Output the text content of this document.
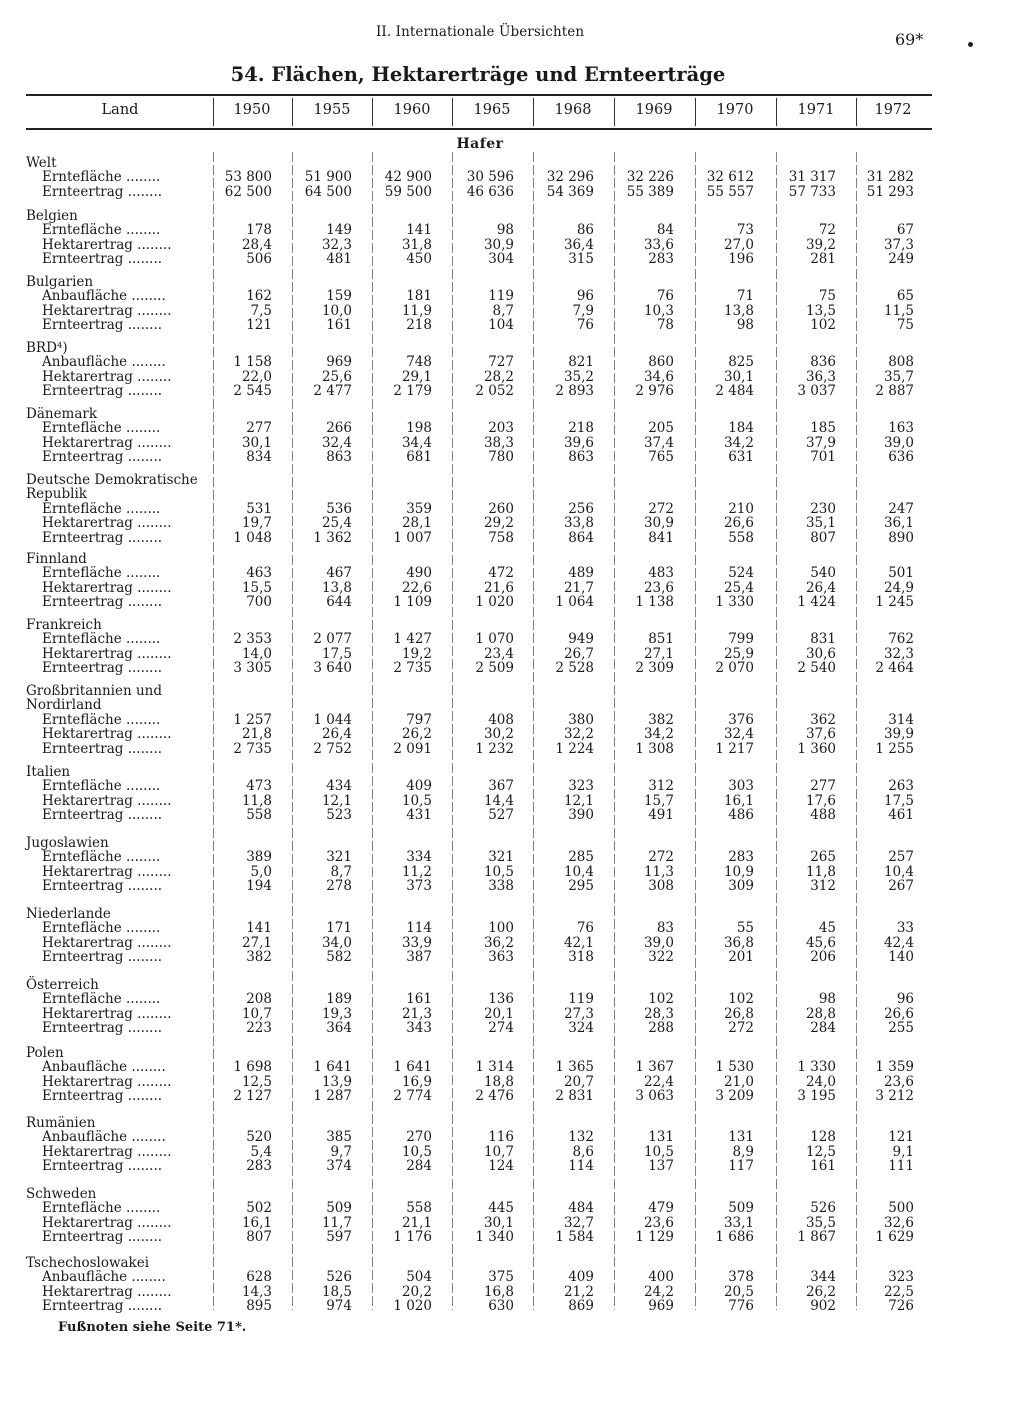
II. Internationale Übersichten	69*
54. Flächen, Hektarerträge und Ernteerträge
Land	1950	1955	1960	1965	1968	1969	1970	1971	1972
Hafer
Welt
Erntefläche ........	53 800	51 900	42 900	30 596	32 296	32 226	32 612	31 317	31 282
Ernteertrag ........	62 500	64 500	59 500	46 636	54 369	55 389	55 557	57 733	51 293
Belgien
Erntefläche ........	178	149	141	98	86	84	73	72	67
Hektarertrag ........	28,4	32,3	31,8	30,9	36,4	33,6	27,0	39,2	37,3
Ernteertrag ........	506	481	450	304	315	283	196	281	249
Bulgarien
Anbaufläche ........	162	159	181	119	96	76	71	75	65
Hektarertrag ........	7,5	10,0	11,9	8,7	7,9	10,3	13,8	13,5	11,5
Ernteertrag ........	121	161	218	104	76	78	98	102	75
BRD⁴)
Anbaufläche ........	1 158	969	748	727	821	860	825	836	808
Hektarertrag ........	22,0	25,6	29,1	28,2	35,2	34,6	30,1	36,3	35,7
Ernteertrag ........	2 545	2 477	2 179	2 052	2 893	2 976	2 484	3 037	2 887
Dänemark
Erntefläche ........	277	266	198	203	218	205	184	185	163
Hektarertrag ........	30,1	32,4	34,4	38,3	39,6	37,4	34,2	37,9	39,0
Ernteertrag ........	834	863	681	780	863	765	631	701	636
Deutsche Demokratische
Republik
Erntefläche ........	531	536	359	260	256	272	210	230	247
Hektarertrag ........	19,7	25,4	28,1	29,2	33,8	30,9	26,6	35,1	36,1
Ernteertrag ........	1 048	1 362	1 007	758	864	841	558	807	890
Finnland
Erntefläche ........	463	467	490	472	489	483	524	540	501
Hektarertrag ........	15,5	13,8	22,6	21,6	21,7	23,6	25,4	26,4	24,9
Ernteertrag ........	700	644	1 109	1 020	1 064	1 138	1 330	1 424	1 245
Frankreich
Erntefläche ........	2 353	2 077	1 427	1 070	949	851	799	831	762
Hektarertrag ........	14,0	17,5	19,2	23,4	26,7	27,1	25,9	30,6	32,3
Ernteertrag ........	3 305	3 640	2 735	2 509	2 528	2 309	2 070	2 540	2 464
Großbritannien und
Nordirland
Erntefläche ........	1 257	1 044	797	408	380	382	376	362	314
Hektarertrag ........	21,8	26,4	26,2	30,2	32,2	34,2	32,4	37,6	39,9
Ernteertrag ........	2 735	2 752	2 091	1 232	1 224	1 308	1 217	1 360	1 255
Italien
Erntefläche ........	473	434	409	367	323	312	303	277	263
Hektarertrag ........	11,8	12,1	10,5	14,4	12,1	15,7	16,1	17,6	17,5
Ernteertrag ........	558	523	431	527	390	491	486	488	461
Jugoslawien
Erntefläche ........	389	321	334	321	285	272	283	265	257
Hektarertrag ........	5,0	8,7	11,2	10,5	10,4	11,3	10,9	11,8	10,4
Ernteertrag ........	194	278	373	338	295	308	309	312	267
Niederlande
Erntefläche ........	141	171	114	100	76	83	55	45	33
Hektarertrag ........	27,1	34,0	33,9	36,2	42,1	39,0	36,8	45,6	42,4
Ernteertrag ........	382	582	387	363	318	322	201	206	140
Österreich
Erntefläche ........	208	189	161	136	119	102	102	98	96
Hektarertrag ........	10,7	19,3	21,3	20,1	27,3	28,3	26,8	28,8	26,6
Ernteertrag ........	223	364	343	274	324	288	272	284	255
Polen
Anbaufläche ........	1 698	1 641	1 641	1 314	1 365	1 367	1 530	1 330	1 359
Hektarertrag ........	12,5	13,9	16,9	18,8	20,7	22,4	21,0	24,0	23,6
Ernteertrag ........	2 127	1 287	2 774	2 476	2 831	3 063	3 209	3 195	3 212
Rumänien
Anbaufläche ........	520	385	270	116	132	131	131	128	121
Hektarertrag ........	5,4	9,7	10,5	10,7	8,6	10,5	8,9	12,5	9,1
Ernteertrag ........	283	374	284	124	114	137	117	161	111
Schweden
Erntefläche ........	502	509	558	445	484	479	509	526	500
Hektarertrag ........	16,1	11,7	21,1	30,1	32,7	23,6	33,1	35,5	32,6
Ernteertrag ........	807	597	1 176	1 340	1 584	1 129	1 686	1 867	1 629
Tschechoslowakei
Anbaufläche ........	628	526	504	375	409	400	378	344	323
Hektarertrag ........	14,3	18,5	20,2	16,8	21,2	24,2	20,5	26,2	22,5
Ernteertrag ........	895	974	1 020	630	869	969	776	902	726
Fußnoten siehe Seite 71*.
